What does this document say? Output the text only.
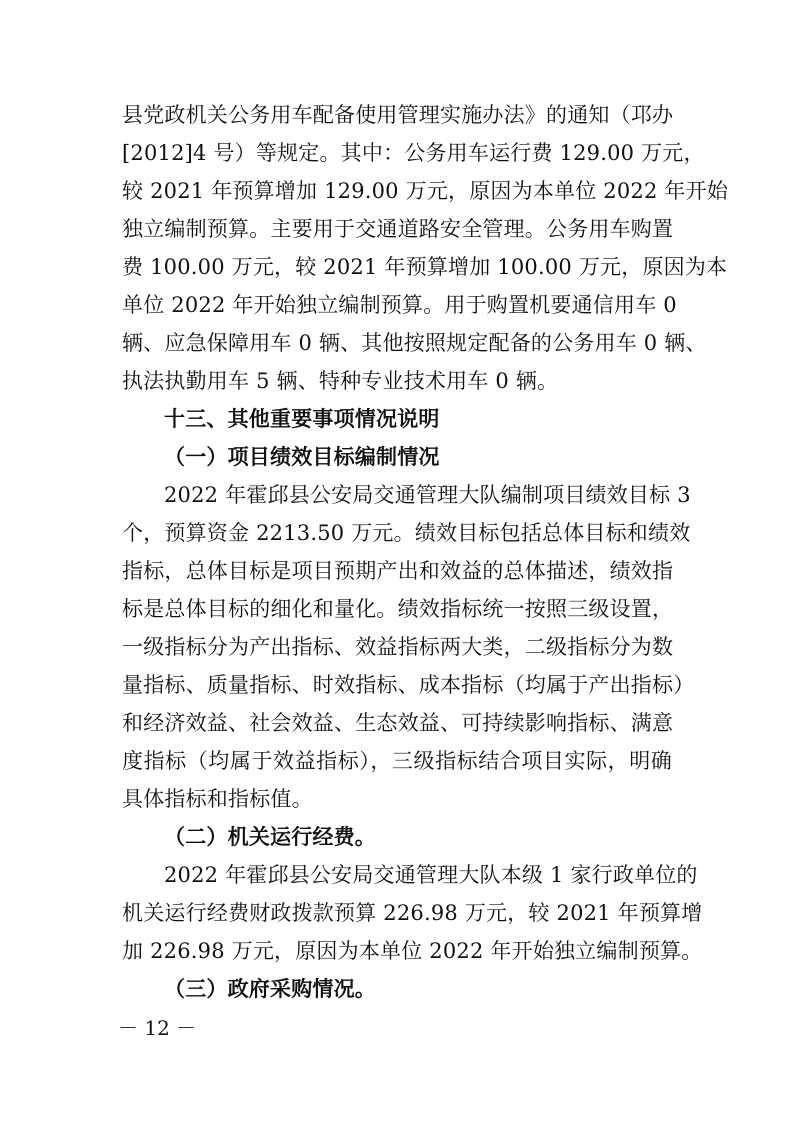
县党政机关公务用车配备使用管理实施办法》的通知（邛办
[2012]4 号）等规定。其中：公务用车运行费 129.00 万元，
较 2021 年预算增加 129.00 万元，原因为本单位 2022 年开始
独立编制预算。主要用于交通道路安全管理。公务用车购置
费 100.00 万元，较 2021 年预算增加 100.00 万元，原因为本
单位 2022 年开始独立编制预算。用于购置机要通信用车 0
辆、应急保障用车 0 辆、其他按照规定配备的公务用车 0 辆、
执法执勤用车 5 辆、特种专业技术用车 0 辆。
十三、其他重要事项情况说明
（一）项目绩效目标编制情况
2022 年霍邱县公安局交通管理大队编制项目绩效目标 3
个，预算资金 2213.50 万元。绩效目标包括总体目标和绩效
指标，总体目标是项目预期产出和效益的总体描述，绩效指
标是总体目标的细化和量化。绩效指标统一按照三级设置，
一级指标分为产出指标、效益指标两大类，二级指标分为数
量指标、质量指标、时效指标、成本指标（均属于产出指标）
和经济效益、社会效益、生态效益、可持续影响指标、满意
度指标（均属于效益指标），三级指标结合项目实际，明确
具体指标和指标值。
（二）机关运行经费。
2022 年霍邱县公安局交通管理大队本级 1 家行政单位的
机关运行经费财政拨款预算 226.98 万元，较 2021 年预算增
加 226.98 万元，原因为本单位 2022 年开始独立编制预算。
（三）政府采购情况。
－ 12 －
